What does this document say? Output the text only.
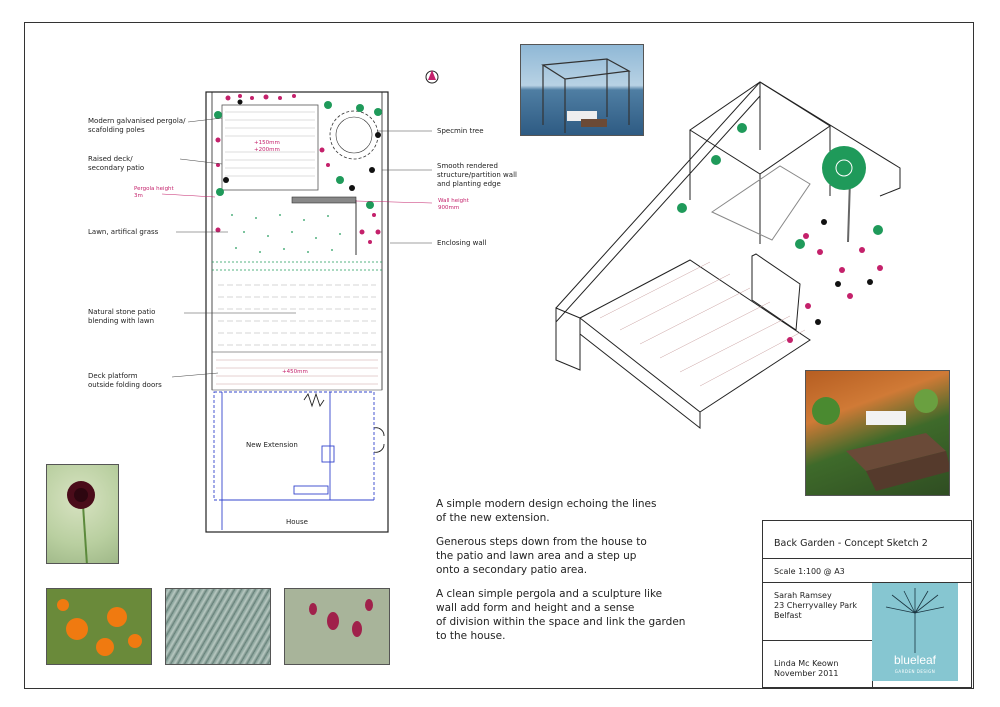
Modern galvanised pergola/
scafolding poles
Raised deck/
secondary patio
Lawn, artifical grass
Natural stone patio
blending with lawn
Deck platform
outside folding doors
Specmin tree
Smooth rendered
structure/partition wall
and planting edge
Enclosing wall
New Extension
House
Pergola height
3m
Wall height
900mm
+150mm
+200mm
+450mm

A simple modern design echoing the lines
of the new extension.

Generous steps down from the house to
the patio and lawn area and a step up
onto a secondary patio area.

A clean simple pergola and a sculpture like
wall add form and height and a sense
of division within the space and link the garden
to the house.

Back Garden - Concept Sketch 2
Scale 1:100 @ A3
Sarah Ramsey
23 Cherryvalley Park
Belfast
Linda Mc Keown
November 2011
blueleaf
GARDEN DESIGN
